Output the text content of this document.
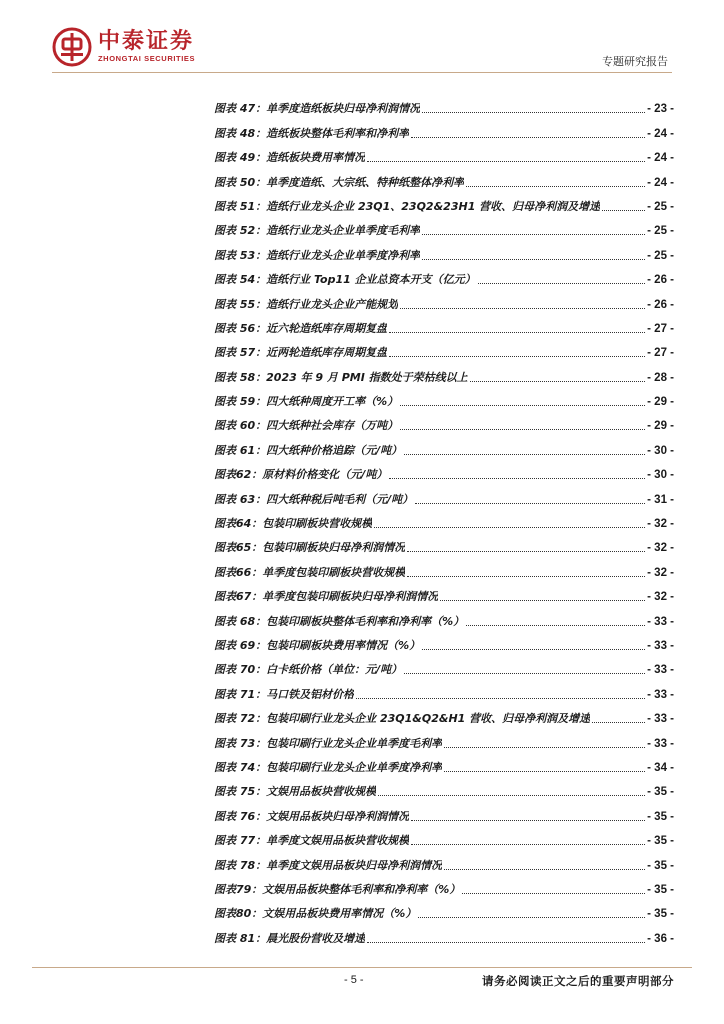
中泰证券
ZHONGTAI SECURITIES	专题研究报告
图表 47：单季度造纸板块归母净利润情况	- 23 -
图表 48：造纸板块整体毛利率和净利率	- 24 -
图表 49：造纸板块费用率情况	- 24 -
图表 50：单季度造纸、大宗纸、特种纸整体净利率	- 24 -
图表 51：造纸行业龙头企业 23Q1、23Q2&23H1 营收、归母净利润及增速	- 25 -
图表 52：造纸行业龙头企业单季度毛利率	- 25 -
图表 53：造纸行业龙头企业单季度净利率	- 25 -
图表 54：造纸行业 Top11 企业总资本开支（亿元）	- 26 -
图表 55：造纸行业龙头企业产能规划	- 26 -
图表 56：近六轮造纸库存周期复盘	- 27 -
图表 57：近两轮造纸库存周期复盘	- 27 -
图表 58：2023 年 9 月 PMI 指数处于荣枯线以上	- 28 -
图表 59：四大纸种周度开工率（%）	- 29 -
图表 60：四大纸种社会库存（万吨）	- 29 -
图表 61：四大纸种价格追踪（元/吨）	- 30 -
图表62：原材料价格变化（元/吨）	- 30 -
图表 63：四大纸种税后吨毛利（元/吨）	- 31 -
图表64：包装印刷板块营收规模	- 32 -
图表65：包装印刷板块归母净利润情况	- 32 -
图表66：单季度包装印刷板块营收规模	- 32 -
图表67：单季度包装印刷板块归母净利润情况	- 32 -
图表 68：包装印刷板块整体毛利率和净利率（%）	- 33 -
图表 69：包装印刷板块费用率情况（%）	- 33 -
图表 70：白卡纸价格（单位：元/吨）	- 33 -
图表 71：马口铁及铝材价格	- 33 -
图表 72：包装印刷行业龙头企业 23Q1&Q2&H1 营收、归母净利润及增速	- 33 -
图表 73：包装印刷行业龙头企业单季度毛利率	- 33 -
图表 74：包装印刷行业龙头企业单季度净利率	- 34 -
图表 75：文娱用品板块营收规模	- 35 -
图表 76：文娱用品板块归母净利润情况	- 35 -
图表 77：单季度文娱用品板块营收规模	- 35 -
图表 78：单季度文娱用品板块归母净利润情况	- 35 -
图表79：文娱用品板块整体毛利率和净利率（%）	- 35 -
图表80：文娱用品板块费用率情况（%）	- 35 -
图表 81：晨光股份营收及增速	- 36 -
- 5 -	请务必阅读正文之后的重要声明部分
